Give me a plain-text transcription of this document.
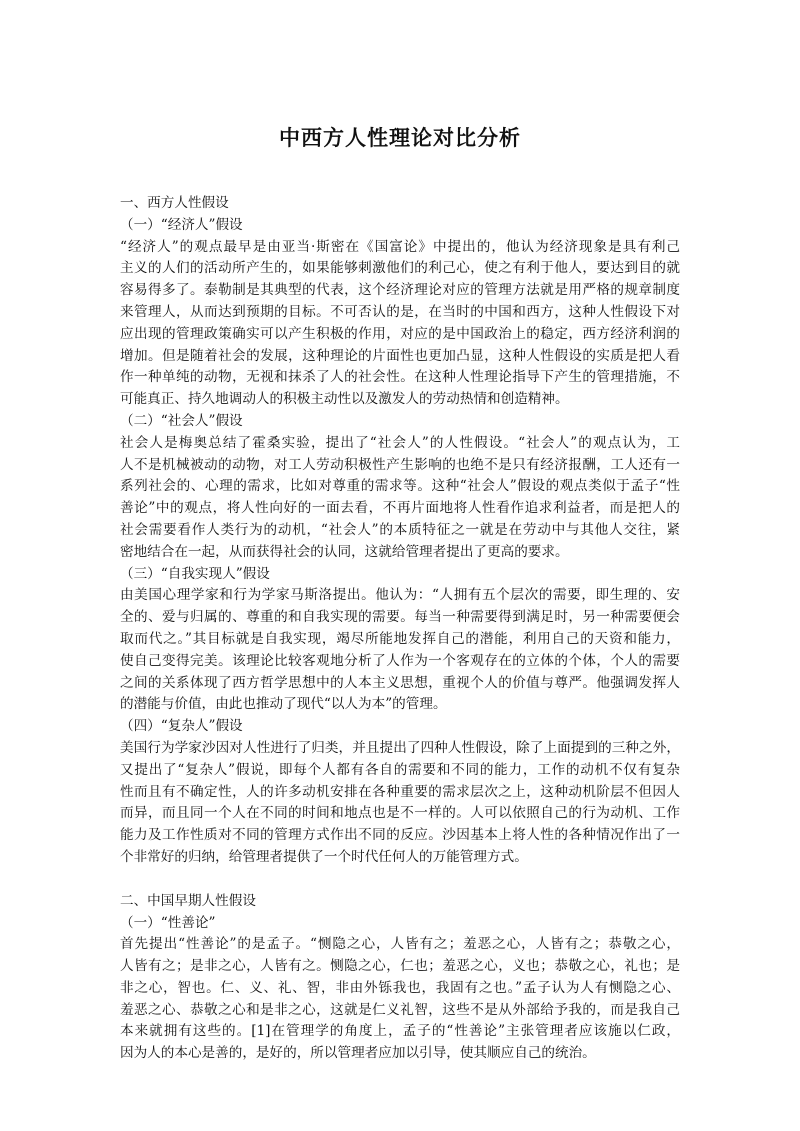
中西方人性理论对比分析
一、西方人性假设
（一）“经济人”假设
“经济人”的观点最早是由亚当·斯密在《国富论》中提出的，他认为经济现象是具有利己
主义的人们的活动所产生的，如果能够刺激他们的利己心，使之有利于他人，要达到目的就
容易得多了。泰勒制是其典型的代表，这个经济理论对应的管理方法就是用严格的规章制度
来管理人，从而达到预期的目标。不可否认的是，在当时的中国和西方，这种人性假设下对
应出现的管理政策确实可以产生积极的作用，对应的是中国政治上的稳定，西方经济利润的
增加。但是随着社会的发展，这种理论的片面性也更加凸显，这种人性假设的实质是把人看
作一种单纯的动物，无视和抹杀了人的社会性。在这种人性理论指导下产生的管理措施，不
可能真正、持久地调动人的积极主动性以及激发人的劳动热情和创造精神。
（二）“社会人”假设
社会人是梅奥总结了霍桑实验，提出了“社会人”的人性假设。“社会人”的观点认为，工
人不是机械被动的动物，对工人劳动积极性产生影响的也绝不是只有经济报酬，工人还有一
系列社会的、心理的需求，比如对尊重的需求等。这种“社会人”假设的观点类似于孟子“性
善论”中的观点，将人性向好的一面去看，不再片面地将人性看作追求利益者，而是把人的
社会需要看作人类行为的动机，“社会人”的本质特征之一就是在劳动中与其他人交往，紧
密地结合在一起，从而获得社会的认同，这就给管理者提出了更高的要求。
（三）“自我实现人”假设
由美国心理学家和行为学家马斯洛提出。他认为：“人拥有五个层次的需要，即生理的、安
全的、爱与归属的、尊重的和自我实现的需要。每当一种需要得到满足时，另一种需要便会
取而代之。”其目标就是自我实现，竭尽所能地发挥自己的潜能，利用自己的天资和能力，
使自己变得完美。该理论比较客观地分析了人作为一个客观存在的立体的个体，个人的需要
之间的关系体现了西方哲学思想中的人本主义思想，重视个人的价值与尊严。他强调发挥人
的潜能与价值，由此也推动了现代“以人为本”的管理。
（四）“复杂人”假设
美国行为学家沙因对人性进行了归类，并且提出了四种人性假设，除了上面提到的三种之外，
又提出了“复杂人”假说，即每个人都有各自的需要和不同的能力，工作的动机不仅有复杂
性而且有不确定性，人的许多动机安排在各种重要的需求层次之上，这种动机阶层不但因人
而异，而且同一个人在不同的时间和地点也是不一样的。人可以依照自己的行为动机、工作
能力及工作性质对不同的管理方式作出不同的反应。沙因基本上将人性的各种情况作出了一
个非常好的归纳，给管理者提供了一个时代任何人的万能管理方式。
二、中国早期人性假设
（一）“性善论”
首先提出“性善论”的是孟子。“恻隐之心，人皆有之；羞恶之心，人皆有之；恭敬之心，
人皆有之；是非之心，人皆有之。恻隐之心，仁也；羞恶之心，义也；恭敬之心，礼也；是
非之心，智也。仁、义、礼、智，非由外铄我也，我固有之也。”孟子认为人有恻隐之心、
羞恶之心、恭敬之心和是非之心，这就是仁义礼智，这些不是从外部给予我的，而是我自己
本来就拥有这些的。[1]在管理学的角度上，孟子的“性善论”主张管理者应该施以仁政，
因为人的本心是善的，是好的，所以管理者应加以引导，使其顺应自己的统治。
